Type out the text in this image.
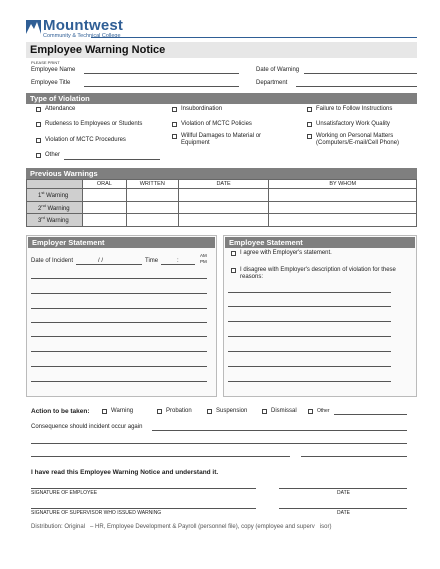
Mountwest
Community & Technical College
Employee Warning Notice
PLEASE PRINT
Employee Name	Date of Warning
Employee Title	Department
Type of Violation
Attendance	Insubordination	Failure to Follow Instructions
Rudeness to Employees or Students	Violation of MCTC Policies	Unsatisfactory Work Quality
Violation of MCTC Procedures
Willful Damages to Material or Equipment
Working on Personal Matters (Computers/E-mail/Cell Phone)
Other
Previous Warnings
	ORAL	WRITTEN	DATE	BY WHOM
1st Warning				
2nd Warning				
3rd Warning				
Employer Statement
Date of Incident	/ /	Time	:
AM
PM
Employee Statement
I agree with Employer's statement.
I disagree with Employer's description of violation for these reasons:
Action to be taken:	Warning	Probation	Suspension	Dismissal	Other
Consequence should incident occur again
I have read this Employee Warning Notice and understand it.
SIGNATURE OF EMPLOYEE	DATE
SIGNATURE OF SUPERVISOR WHO ISSUED WARNING	DATE
Distribution: Original   – HR, Employee Development & Payroll (personnel file), copy (employee and superv   isor)
